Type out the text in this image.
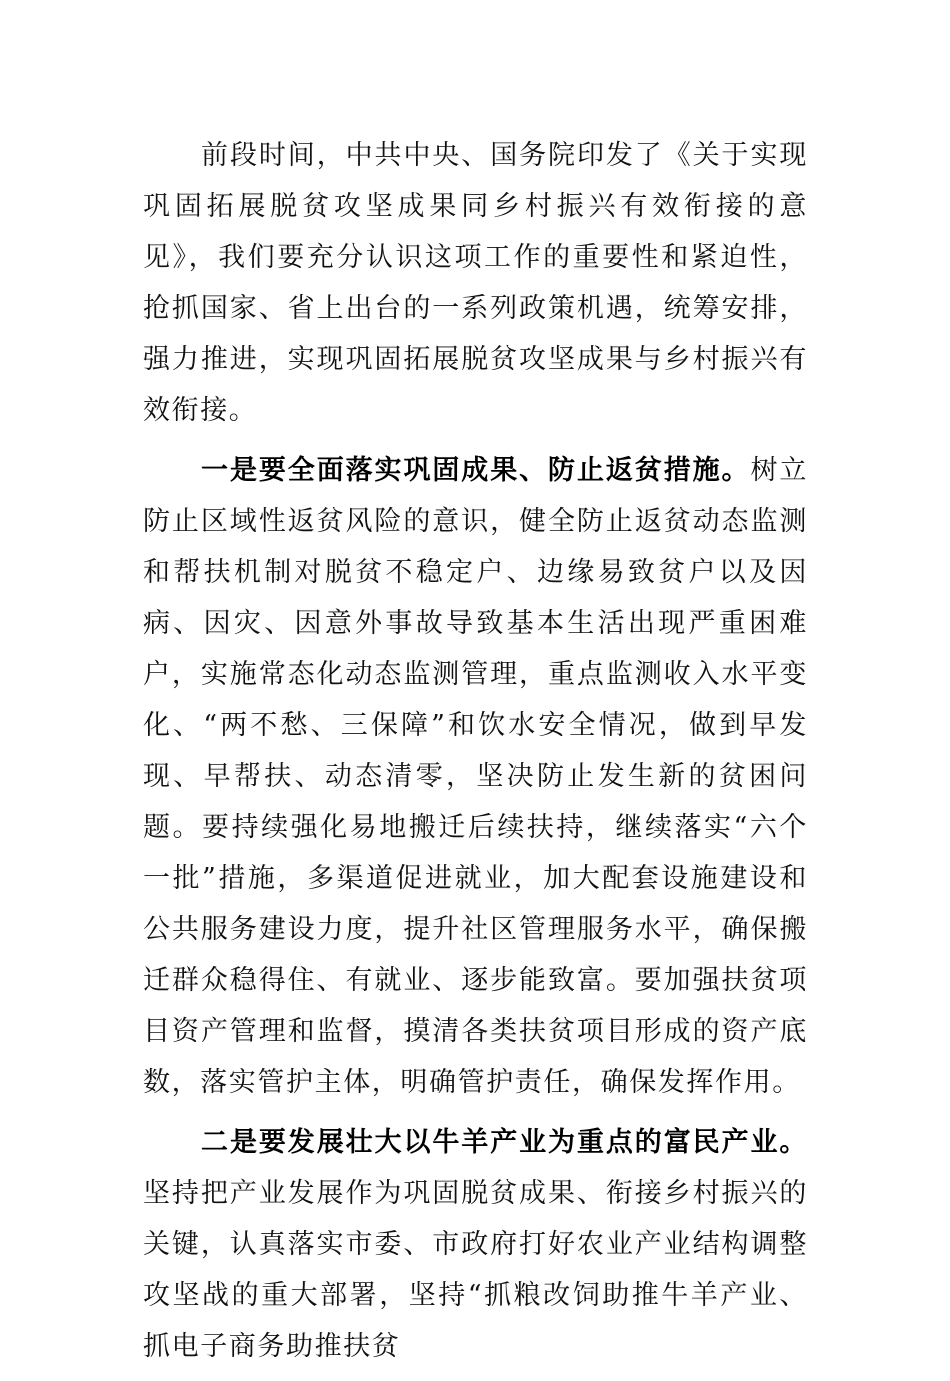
前段时间，中共中央、国务院印发了《关于实现巩固拓展脱贫攻坚成果同乡村振兴有效衔接的意见》，我们要充分认识这项工作的重要性和紧迫性，抢抓国家、省上出台的一系列政策机遇，统筹安排，强力推进，实现巩固拓展脱贫攻坚成果与乡村振兴有效衔接。

一是要全面落实巩固成果、防止返贫措施。树立防止区域性返贫风险的意识，健全防止返贫动态监测和帮扶机制对脱贫不稳定户、边缘易致贫户以及因病、因灾、因意外事故导致基本生活出现严重困难户，实施常态化动态监测管理，重点监测收入水平变化、“两不愁、三保障”和饮水安全情况，做到早发现、早帮扶、动态清零，坚决防止发生新的贫困问题。要持续强化易地搬迁后续扶持，继续落实“六个一批”措施，多渠道促进就业，加大配套设施建设和公共服务建设力度，提升社区管理服务水平，确保搬迁群众稳得住、有就业、逐步能致富。要加强扶贫项目资产管理和监督，摸清各类扶贫项目形成的资产底数，落实管护主体，明确管护责任，确保发挥作用。

二是要发展壮大以牛羊产业为重点的富民产业。坚持把产业发展作为巩固脱贫成果、衔接乡村振兴的关键，认真落实市委、市政府打好农业产业结构调整攻坚战的重大部署，坚持“抓粮改饲助推牛羊产业、抓电子商务助推扶贫
